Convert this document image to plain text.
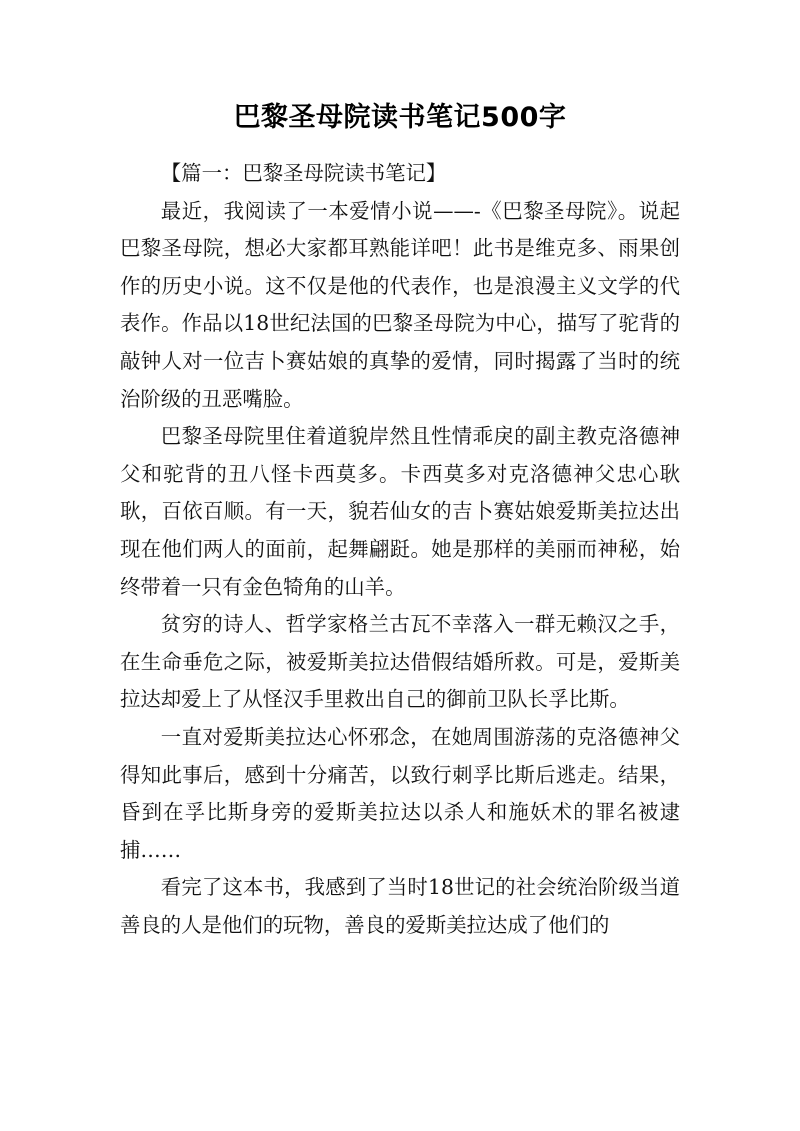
巴黎圣母院读书笔记500字

【篇一：巴黎圣母院读书笔记】

最近，我阅读了一本爱情小说——-《巴黎圣母院》。说起巴黎圣母院，想必大家都耳熟能详吧！此书是维克多、雨果创作的历史小说。这不仅是他的代表作，也是浪漫主义文学的代表作。作品以18世纪法国的巴黎圣母院为中心，描写了驼背的敲钟人对一位吉卜赛姑娘的真挚的爱情，同时揭露了当时的统治阶级的丑恶嘴脸。

巴黎圣母院里住着道貌岸然且性情乖戾的副主教克洛德神父和驼背的丑八怪卡西莫多。卡西莫多对克洛德神父忠心耿耿，百依百顺。有一天，貌若仙女的吉卜赛姑娘爱斯美拉达出现在他们两人的面前，起舞翩跹。她是那样的美丽而神秘，始终带着一只有金色犄角的山羊。

贫穷的诗人、哲学家格兰古瓦不幸落入一群无赖汉之手，在生命垂危之际，被爱斯美拉达借假结婚所救。可是，爱斯美拉达却爱上了从怪汉手里救出自己的御前卫队长孚比斯。

一直对爱斯美拉达心怀邪念，在她周围游荡的克洛德神父得知此事后，感到十分痛苦，以致行刺孚比斯后逃走。结果，昏到在孚比斯身旁的爱斯美拉达以杀人和施妖术的罪名被逮捕……

看完了这本书，我感到了当时18世记的社会统治阶级当道善良的人是他们的玩物，善良的爱斯美拉达成了他们的
